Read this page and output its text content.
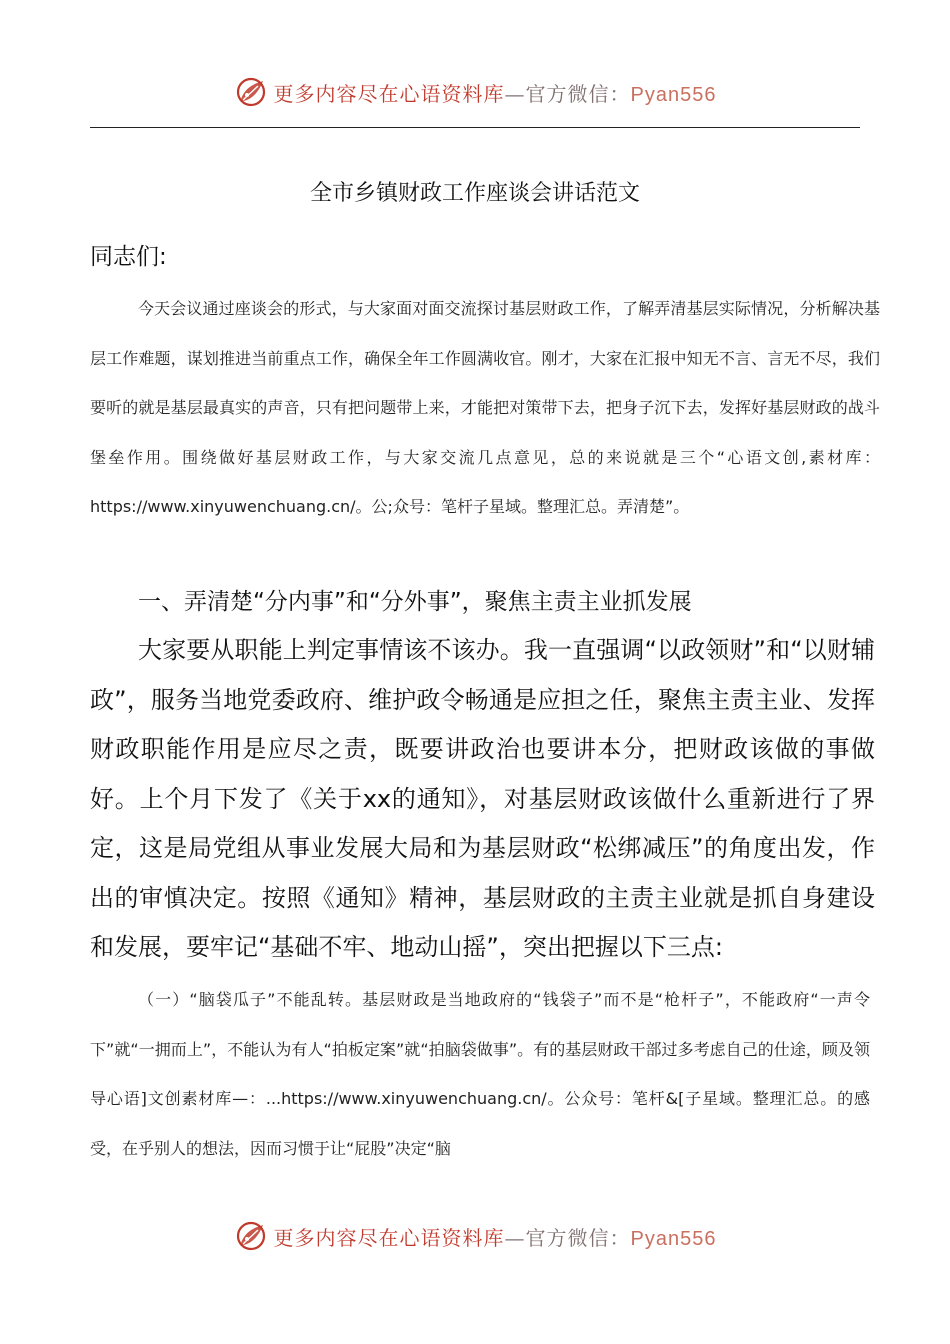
更多内容尽在心语资料库—官方微信：Pyan556
全市乡镇财政工作座谈会讲话范文
同志们:
今天会议通过座谈会的形式，与大家面对面交流探讨基层财政工作，了解弄清基层实际情况，分析解决基层工作难题，谋划推进当前重点工作，确保全年工作圆满收官。刚才，大家在汇报中知无不言、言无不尽，我们要听的就是基层最真实的声音，只有把问题带上来，才能把对策带下去，把身子沉下去，发挥好基层财政的战斗堡垒作用。围绕做好基层财政工作，与大家交流几点意见，总的来说就是三个“心语文创,素材库：https://www.xinyuwenchuang.cn/。公;众号：笔杆子星域。整理汇总。弄清楚”。
一、弄清楚“分内事”和“分外事”，聚焦主责主业抓发展
大家要从职能上判定事情该不该办。我一直强调“以政领财”和“以财辅政”，服务当地党委政府、维护政令畅通是应担之任，聚焦主责主业、发挥财政职能作用是应尽之责，既要讲政治也要讲本分，把财政该做的事做好。上个月下发了《关于xx的通知》，对基层财政该做什么重新进行了界定，这是局党组从事业发展大局和为基层财政“松绑减压”的角度出发，作出的审慎决定。按照《通知》精神，基层财政的主责主业就是抓自身建设和发展，要牢记“基础不牢、地动山摇”，突出把握以下三点:
（一）“脑袋瓜子”不能乱转。基层财政是当地政府的“钱袋子”而不是“枪杆子”，不能政府“一声令下”就“一拥而上”，不能认为有人“拍板定案”就“拍脑袋做事”。有的基层财政干部过多考虑自己的仕途，顾及领导心语]文创素材库—：...https://www.xinyuwenchuang.cn/。公众号：笔杆&[子星域。整理汇总。的感受，在乎别人的想法，因而习惯于让“屁股”决定“脑
更多内容尽在心语资料库—官方微信：Pyan556
